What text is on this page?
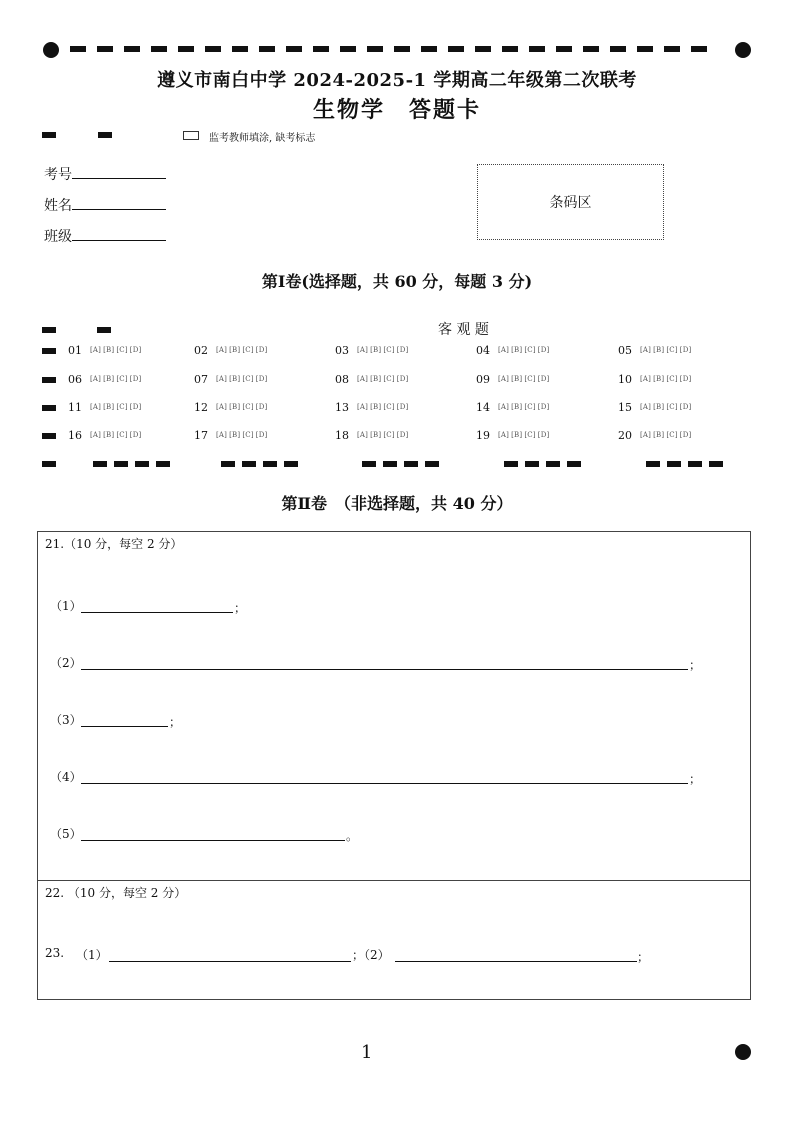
遵义市南白中学 2024-2025-1 学期高二年级第二次联考
生物学　答题卡
监考教师填涂, 缺考标志
考号
姓名
班级
条码区
第Ⅰ卷(选择题，共 60 分，每题 3 分)
客 观 题
01 [A] [B] [C] [D]	02 [A] [B] [C] [D]	03 [A] [B] [C] [D]	04 [A] [B] [C] [D]	05 [A] [B] [C] [D]
06 [A] [B] [C] [D]	07 [A] [B] [C] [D]	08 [A] [B] [C] [D]	09 [A] [B] [C] [D]	10 [A] [B] [C] [D]
11 [A] [B] [C] [D]	12 [A] [B] [C] [D]	13 [A] [B] [C] [D]	14 [A] [B] [C] [D]	15 [A] [B] [C] [D]
16 [A] [B] [C] [D]	17 [A] [B] [C] [D]	18 [A] [B] [C] [D]	19 [A] [B] [C] [D]	20 [A] [B] [C] [D]
第Ⅱ卷　（非选择题，共 40 分）
21.（10 分，每空 2 分）
（1）	；
（2）	；
（3）	；
（4）	；
（5）	。
22. （10 分，每空 2 分）
23. （1）	；（2）	；
1
